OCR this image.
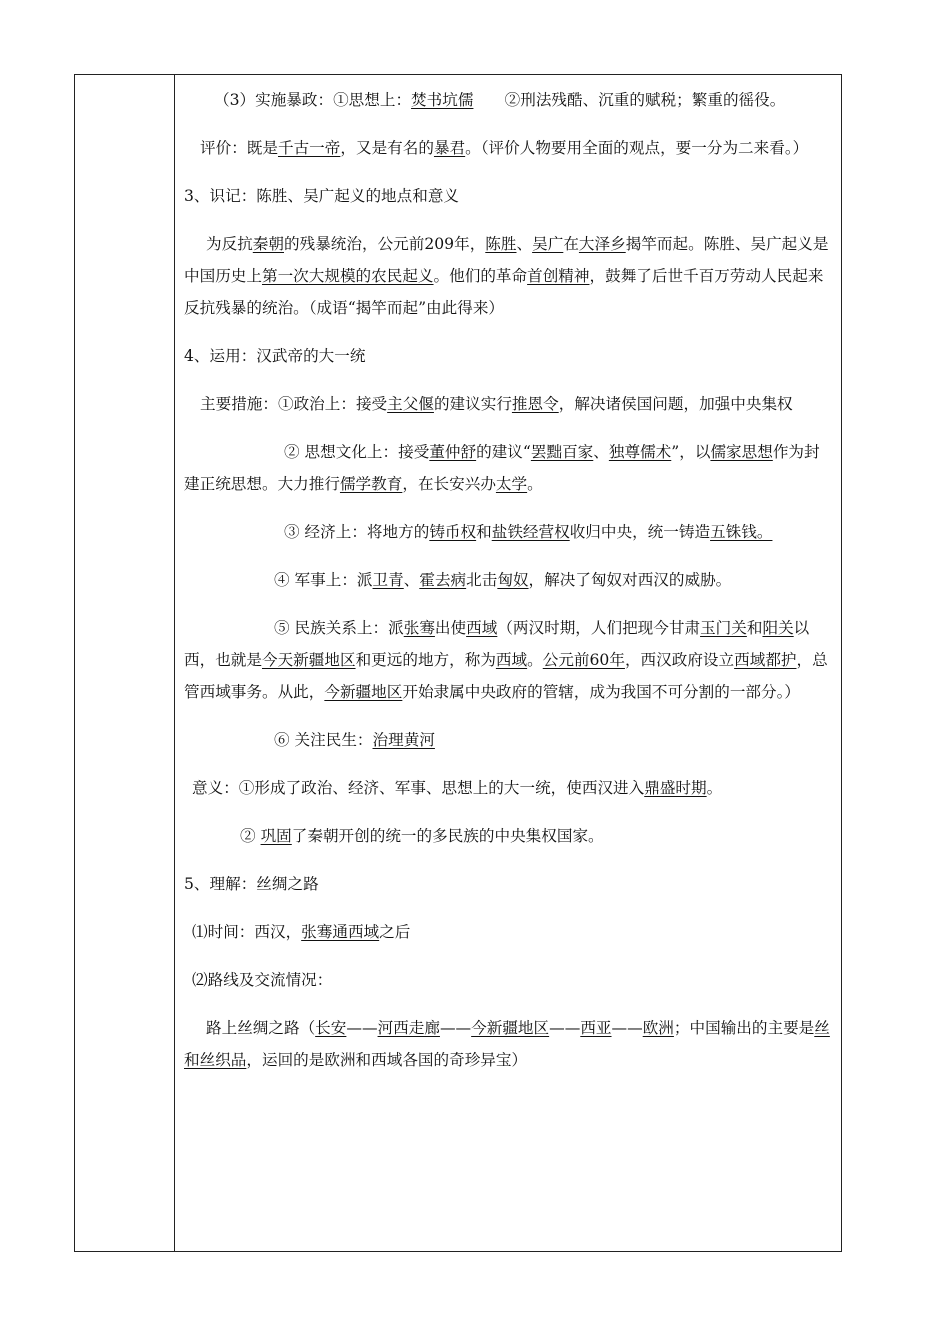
（3）实施暴政：①思想上：焚书坑儒　　②刑法残酷、沉重的赋税；繁重的徭役。

评价：既是千古一帝，又是有名的暴君。（评价人物要用全面的观点，要一分为二来看。）

3、识记：陈胜、吴广起义的地点和意义

为反抗秦朝的残暴统治，公元前209年，陈胜、吴广在大泽乡揭竿而起。陈胜、吴广起义是中国历史上第一次大规模的农民起义。他们的革命首创精神，鼓舞了后世千百万劳动人民起来反抗残暴的统治。（成语“揭竿而起”由此得来）

4、运用：汉武帝的大一统

主要措施：①政治上：接受主父偃的建议实行推恩令，解决诸侯国问题，加强中央集权

② 思想文化上：接受董仲舒的建议“罢黜百家、独尊儒术”，以儒家思想作为封建正统思想。大力推行儒学教育，在长安兴办太学。

③ 经济上：将地方的铸币权和盐铁经营权收归中央，统一铸造五铢钱。

④ 军事上：派卫青、霍去病北击匈奴，解决了匈奴对西汉的威胁。

⑤ 民族关系上：派张骞出使西域（两汉时期，人们把现今甘肃玉门关和阳关以西，也就是今天新疆地区和更远的地方，称为西域。公元前60年，西汉政府设立西域都护，总管西域事务。从此，今新疆地区开始隶属中央政府的管辖，成为我国不可分割的一部分。）

⑥ 关注民生：治理黄河

意义：①形成了政治、经济、军事、思想上的大一统，使西汉进入鼎盛时期。

② 巩固了秦朝开创的统一的多民族的中央集权国家。

5、理解：丝绸之路

⑴时间：西汉，张骞通西域之后

⑵路线及交流情况：

路上丝绸之路（长安——河西走廊——今新疆地区——西亚——欧洲；中国输出的主要是丝和丝织品，运回的是欧洲和西域各国的奇珍异宝）
